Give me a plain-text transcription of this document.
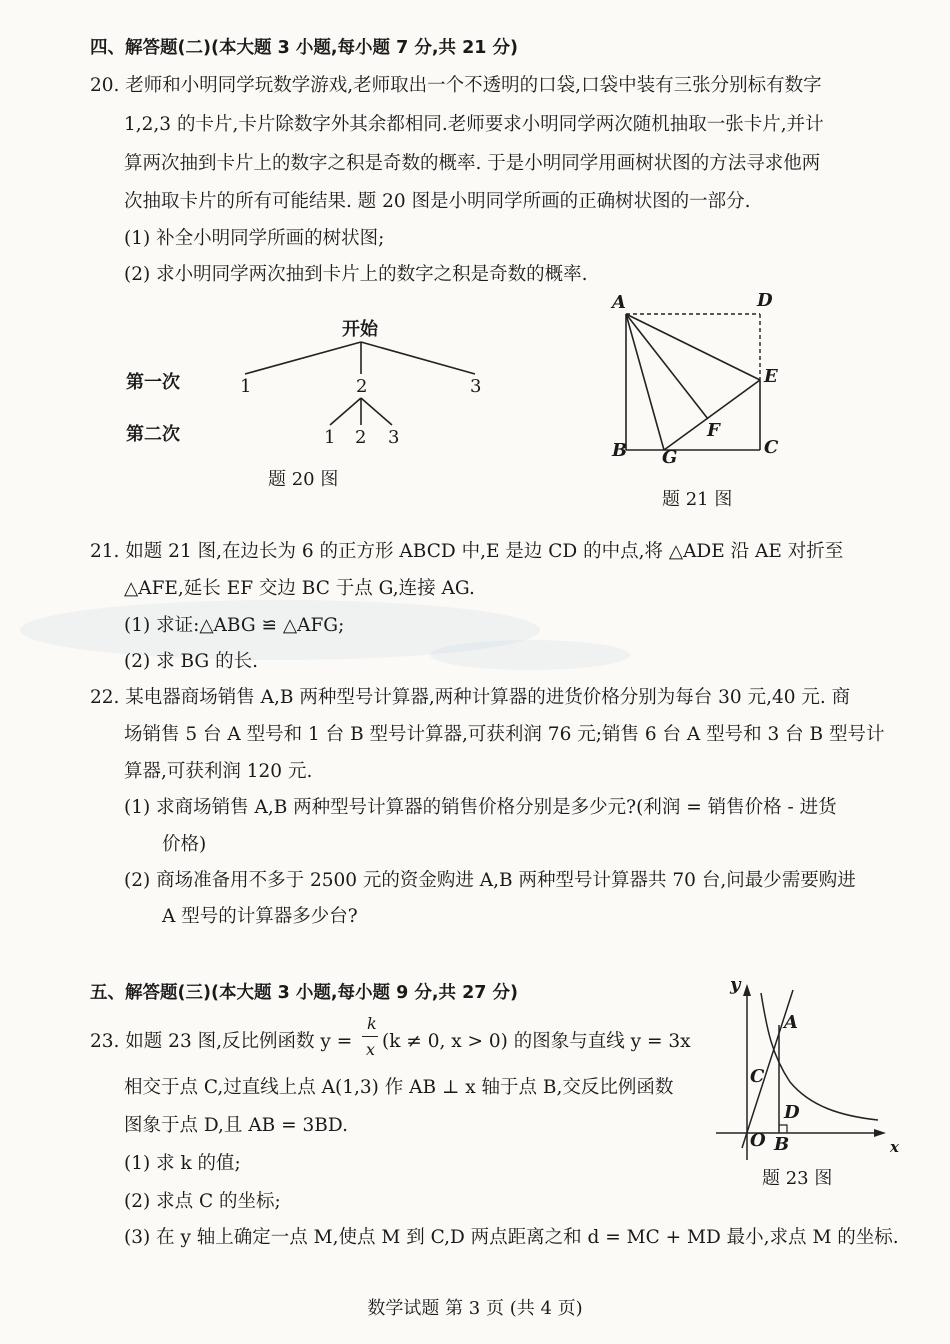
四、解答题(二)(本大题 3 小题,每小题 7 分,共 21 分)
20. 老师和小明同学玩数学游戏,老师取出一个不透明的口袋,口袋中装有三张分别标有数字
1,2,3 的卡片,卡片除数字外其余都相同.老师要求小明同学两次随机抽取一张卡片,并计
算两次抽到卡片上的数字之积是奇数的概率. 于是小明同学用画树状图的方法寻求他两
次抽取卡片的所有可能结果. 题 20 图是小明同学所画的正确树状图的一部分.
(1) 补全小明同学所画的树状图;
(2) 求小明同学两次抽到卡片上的数字之积是奇数的概率.
开始
第一次
第二次
1	2	3
1 2 3
题 20 图
A	D
E
F
B G	C
题 21 图
21. 如题 21 图,在边长为 6 的正方形 ABCD 中,E 是边 CD 的中点,将 △ADE 沿 AE 对折至
△AFE,延长 EF 交边 BC 于点 G,连接 AG.
(1) 求证:△ABG ≌ △AFG;
(2) 求 BG 的长.
22. 某电器商场销售 A,B 两种型号计算器,两种计算器的进货价格分别为每台 30 元,40 元. 商
场销售 5 台 A 型号和 1 台 B 型号计算器,可获利润 76 元;销售 6 台 A 型号和 3 台 B 型号计
算器,可获利润 120 元.
(1) 求商场销售 A,B 两种型号计算器的销售价格分别是多少元?(利润 = 销售价格 - 进货
价格)
(2) 商场准备用不多于 2500 元的资金购进 A,B 两种型号计算器共 70 台,问最少需要购进
A 型号的计算器多少台?
五、解答题(三)(本大题 3 小题,每小题 9 分,共 27 分)
23. 如题 23 图,反比例函数 y =
k
x (k ≠ 0, x > 0) 的图象与直线 y = 3x
相交于点 C,过直线上点 A(1,3) 作 AB ⊥ x 轴于点 B,交反比例函数
图象于点 D,且 AB = 3BD.
(1) 求 k 的值;
(2) 求点 C 的坐标;
(3) 在 y 轴上确定一点 M,使点 M 到 C,D 两点距离之和 d = MC + MD 最小,求点 M 的坐标.
y
x
A
C
D
O B
题 23 图
数学试题 第 3 页 (共 4 页)
